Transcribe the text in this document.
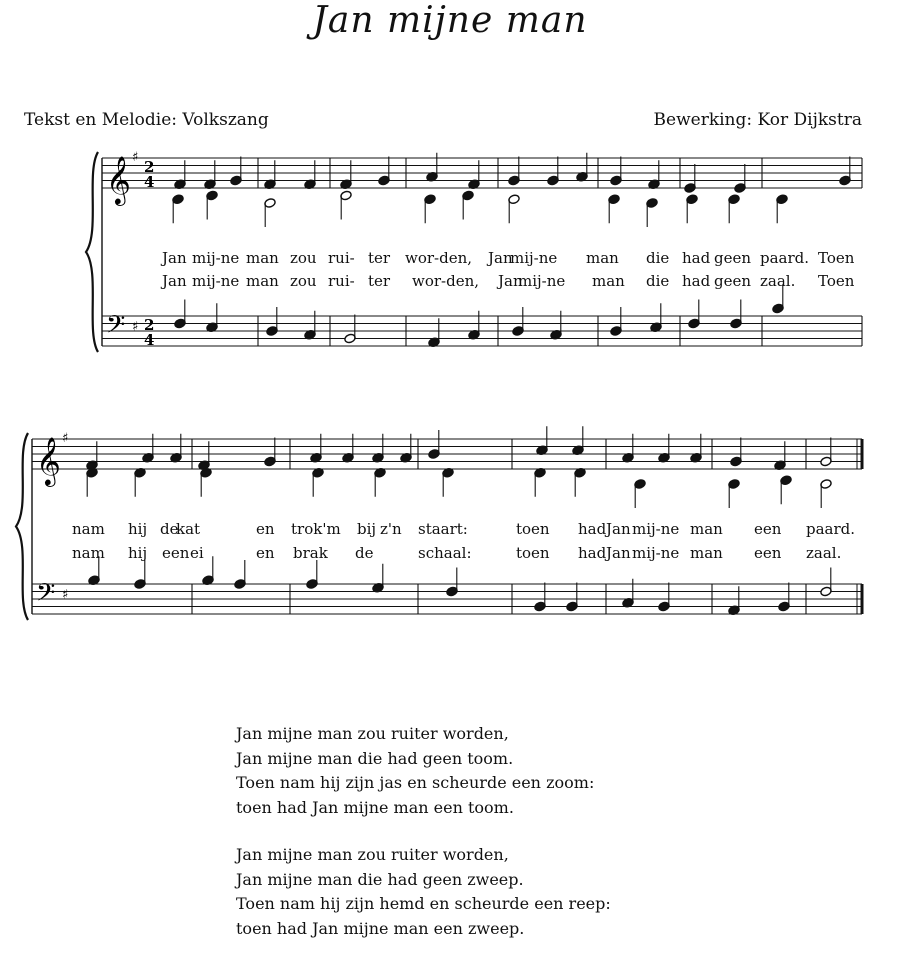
Jan mijne man
Tekst en Melodie: Volkszang	Bewerking: Kor Dijkstra
𝄞 ♯
𝄢 ♯
2
4
2
4
Jan mij-ne man zou rui- ter wor-den, Jan
mij-ne man die had geen paard. Toen
Jan mij-ne man zou rui- ter wor-den, Jan
mij-ne man die had geen zaal. Toen
𝄞 ♯
𝄢 ♯
nam hij de
kat	en trok'm bij z'n staart:	toen had Jan mij-ne man een paard.
nam hij een ei	en brak de	schaal:	toen had Jan mij-ne man een zaal.
Jan mijne man zou ruiter worden,
Jan mijne man die had geen toom.
Toen nam hij zijn jas en scheurde een zoom:
toen had Jan mijne man een toom.
Jan mijne man zou ruiter worden,
Jan mijne man die had geen zweep.
Toen nam hij zijn hemd en scheurde een reep:
toen had Jan mijne man een zweep.
